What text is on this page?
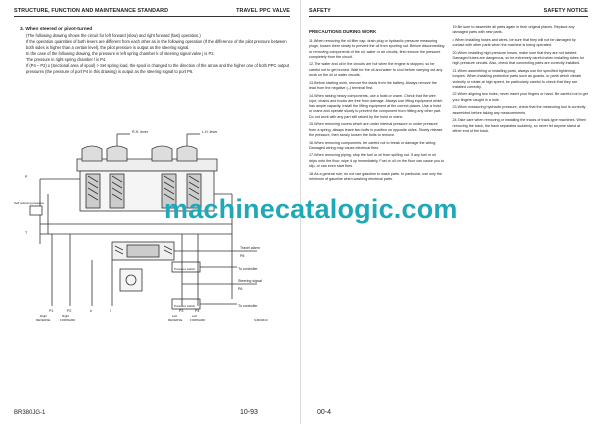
STRUCTURE, FUNCTION AND MAINTENANCE STANDARD	TRAVEL PPC VALVE
3. When steered or pivot-turned

(The following drawing shows the circuit for left forward (slow) and right forward (fast) operation.)

If the operation quantities of both levers are different from each other as in the following operation (If the difference of the pilot pressure between both sides is higher than a certain level), the pilot pressure is output as the steering signal.

In the case of the following drawing, the pressure in left spring chamber k of steering signal valve j is P2.

The pressure in right spring chamber l is P4.

If (P4 – P2) x (Sectional area of spool) > Set spring load, the spool is changed to the direction of the arrow and the higher one of both PPC output pressures (the pressure of port P4 in this drawing) is output as the steering signal to port P6.

R.H. lever	L.H. lever
P
T
Self reducing pressure
Travel alarm
P8
Pressure switch	To controller
Steering signal
P6
Pressure switch	To controller
P1	P2	k	l	P3	P4
Right
REVERSE
Right
FORWARD
Left
REVERSE
Left
FORWARD	SJ004619
BR380JG-1	10-93
SAFETY	SAFETY NOTICE
PRECAUTIONS DURING WORK

11.When removing the oil filler cap, drain plug or hydraulic pressure measuring plugs, loosen them slowly to prevent the oil from spurting out. Before disconnecting or removing components of the oil, water or air circuits, first remove the pressure completely from the circuit.

12.The water and oil in the circuits are hot when the engine is stopped, so be careful not to get burned. Wait for the oil and water to cool before carrying out any work on the oil or water circuits.

13.Before starting work, remove the leads from the battery. Always remove the lead from the negative (–) terminal first.

14.When raising heavy components, use a hoist or crane. Check that the wire rope, chains and hooks are free from damage. Always use lifting equipment which has ample capacity. Install the lifting equipment at the correct places. Use a hoist or crane and operate slowly to prevent the component from hitting any other part. Do not work with any part still raised by the hoist or crane.

15.When removing covers which are under internal pressure or under pressure from a spring, always leave two bolts in position on opposite sides. Slowly release the pressure, then slowly loosen the bolts to remove.

16.When removing components, be careful not to break or damage the wiring. Damaged wiring may cause electrical fires.

17.When removing piping, stop the fuel or oil from spilling out. If any fuel or oil drips onto the floor, wipe it up immediately. Fuel or oil on the floor can cause you to slip, or can even start fires.

18.As a general rule, do not use gasoline to wash parts. In particular, use only the minimum of gasoline when washing electrical parts.

19.Be sure to assemble all parts again in their original places. Replace any damaged parts with new parts.

• When installing hoses and wires, be sure that they will not be damaged by contact with other parts when the machine is being operated.

20.When installing high pressure hoses, make sure that they are not twisted. Damaged tubes are dangerous, so be extremely careful when installing tubes for high pressure circuits. Also, check that connecting parts are correctly installed.

21.When assembling or installing parts, always use the specified tightening torques. When installing protective parts such as guards, or parts which vibrate violently or rotate at high speed, be particularly careful to check that they are installed correctly.

22.When aligning two holes, never insert your fingers or hand. Be careful not to get your fingers caught in a hole.

23.When measuring hydraulic pressure, check that the measuring tool is correctly assembled before taking any measurements.

24.Take care when removing or installing the tracks of track-type machines. When removing the track, the track separates suddenly, so never let anyone stand at either end of the track.

00-4
machinecatalogic.com
